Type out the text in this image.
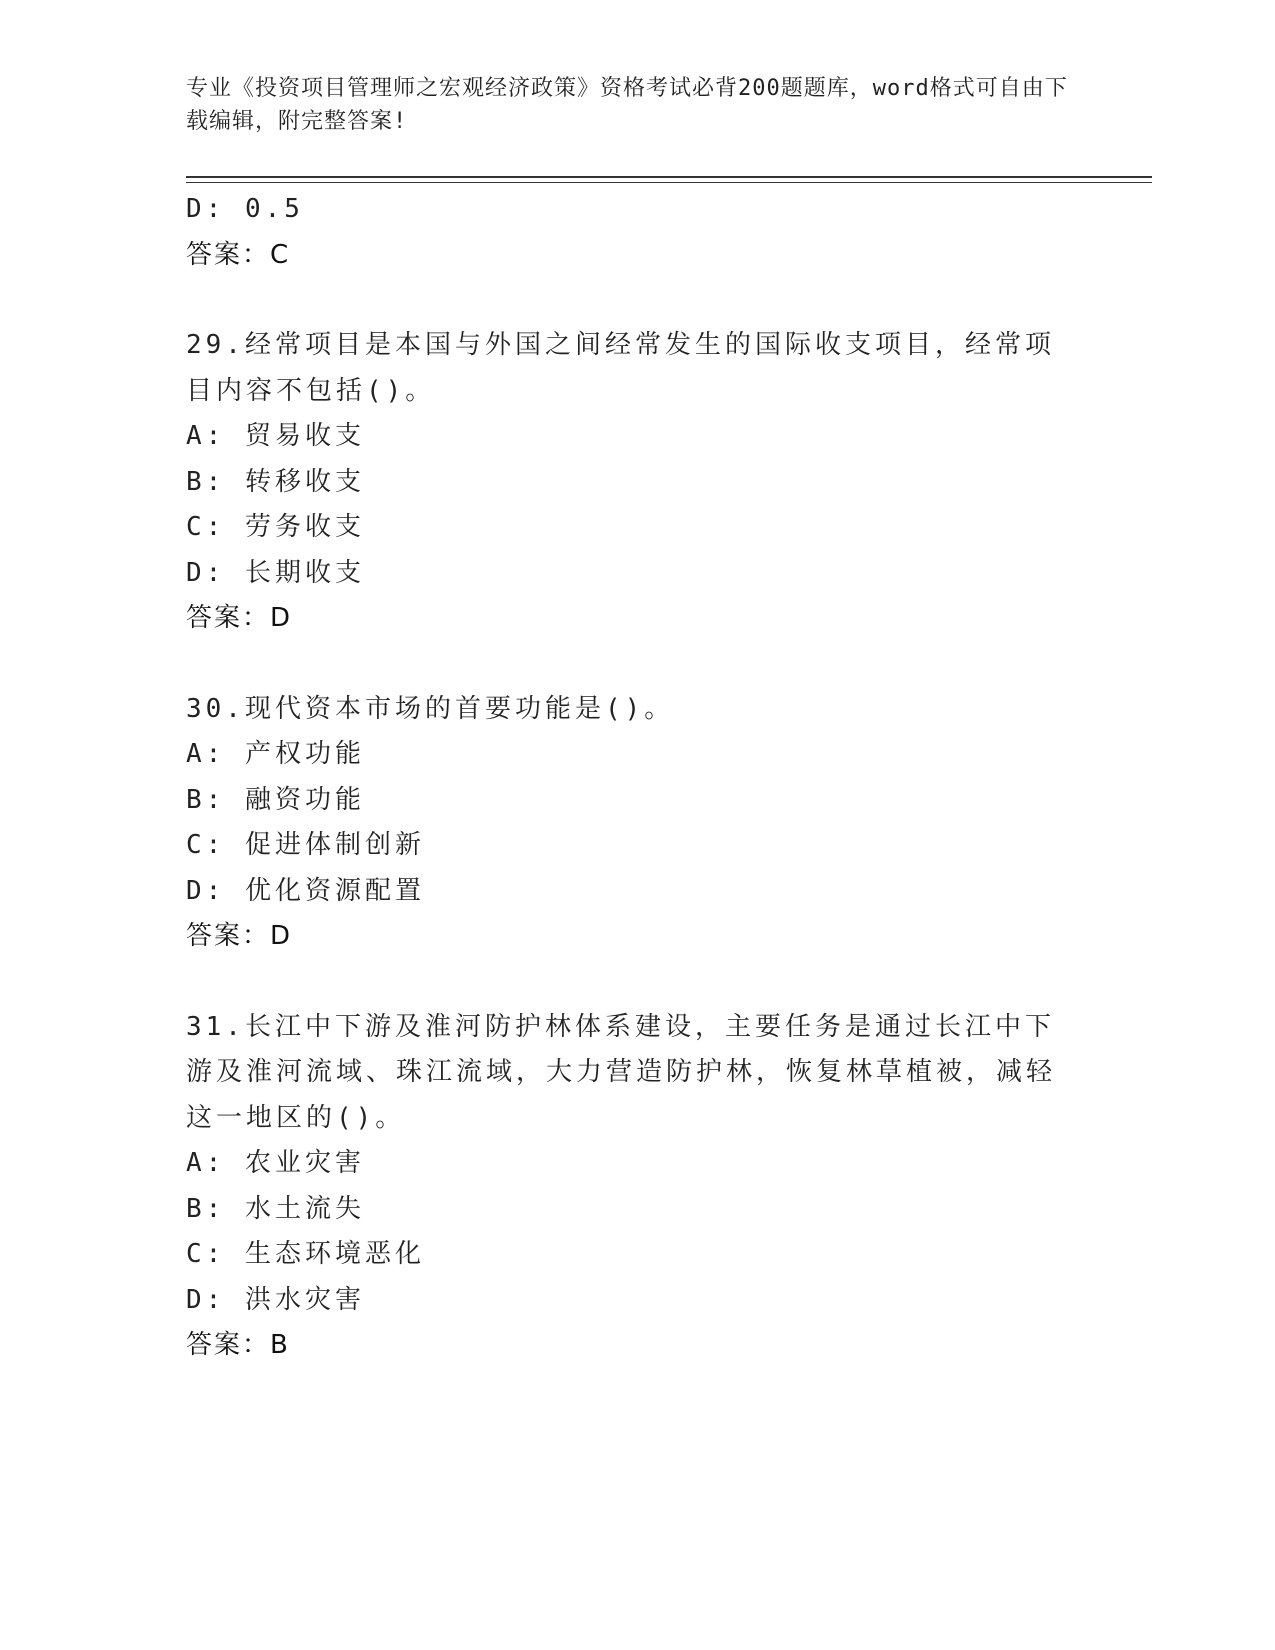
专业《投资项目管理师之宏观经济政策》资格考试必背200题题库，word格式可自由下载编辑，附完整答案!
D: 0.5
答案：C
29.经常项目是本国与外国之间经常发生的国际收支项目，经常项目内容不包括()。
A: 贸易收支
B: 转移收支
C: 劳务收支
D: 长期收支
答案：D
30.现代资本市场的首要功能是()。
A: 产权功能
B: 融资功能
C: 促进体制创新
D: 优化资源配置
答案：D
31.长江中下游及淮河防护林体系建设，主要任务是通过长江中下游及淮河流域、珠江流域，大力营造防护林，恢复林草植被，减轻这一地区的()。
A: 农业灾害
B: 水土流失
C: 生态环境恶化
D: 洪水灾害
答案：B
